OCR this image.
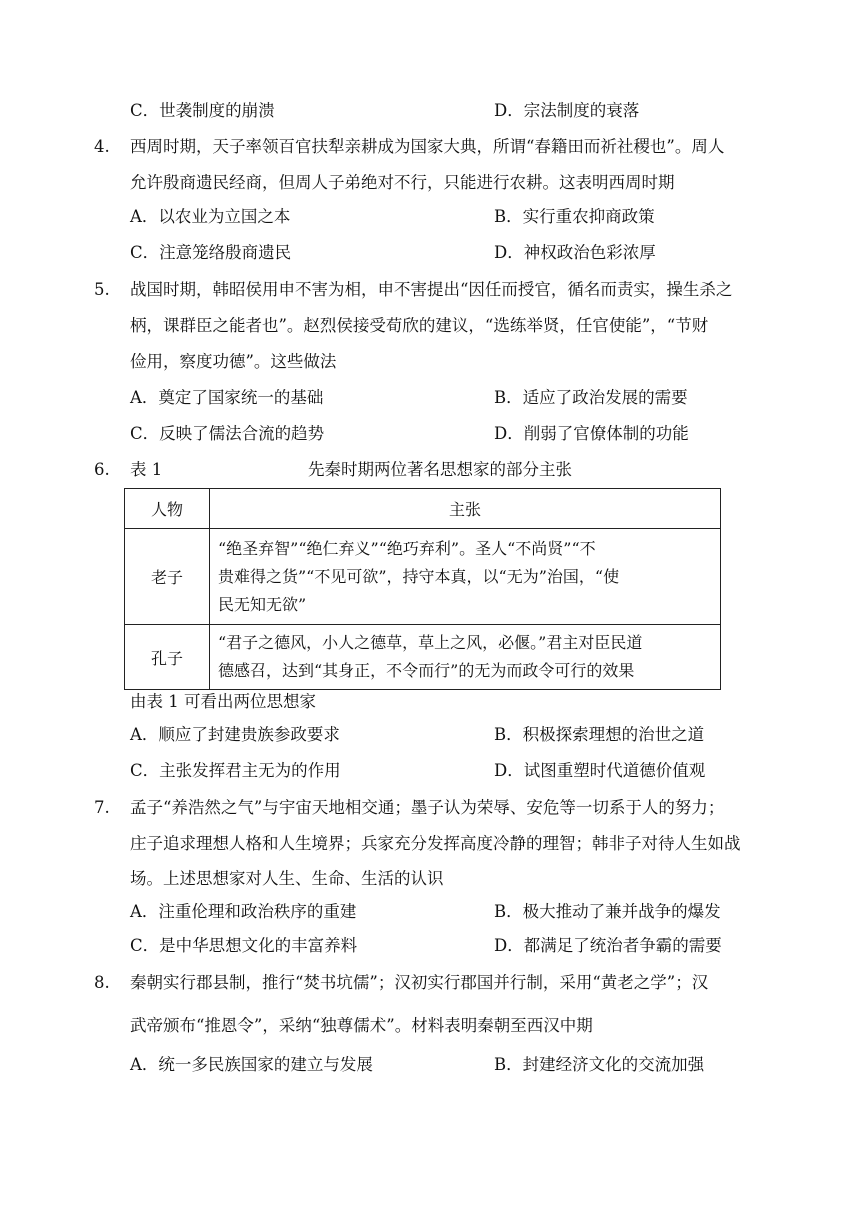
C．世袭制度的崩溃	D．宗法制度的衰落
4. 西周时期，天子率领百官扶犁亲耕成为国家大典，所谓“春籍田而祈社稷也”。周人
允许殷商遗民经商，但周人子弟绝对不行，只能进行农耕。这表明西周时期
A．以农业为立国之本	B．实行重农抑商政策
C．注意笼络殷商遗民	D．神权政治色彩浓厚
5. 战国时期，韩昭侯用申不害为相，申不害提出“因任而授官，循名而责实，操生杀之
柄，课群臣之能者也”。赵烈侯接受荀欣的建议，“选练举贤，任官使能”，“节财
俭用，察度功德”。这些做法
A．奠定了国家统一的基础	B．适应了政治发展的需要
C．反映了儒法合流的趋势	D．削弱了官僚体制的功能
6. 表 1	先秦时期两位著名思想家的部分主张
人物	主张
老子	“绝圣弃智”“绝仁弃义”“绝巧弃利”。圣人“不尚贤”“不
贵难得之货”“不见可欲”，持守本真，以“无为”治国，“使
民无知无欲”

孔子	“君子之德风，小人之德草，草上之风，必偃。”君主对臣民道
德感召，达到“其身正，不令而行”的无为而政令可行的效果
由表 1 可看出两位思想家
A．顺应了封建贵族参政要求	B．积极探索理想的治世之道
C．主张发挥君主无为的作用	D．试图重塑时代道德价值观
7. 孟子“养浩然之气”与宇宙天地相交通；墨子认为荣辱、安危等一切系于人的努力；
庄子追求理想人格和人生境界；兵家充分发挥高度冷静的理智；韩非子对待人生如战
场。上述思想家对人生、生命、生活的认识
A．注重伦理和政治秩序的重建	B．极大推动了兼并战争的爆发
C．是中华思想文化的丰富养料	D．都满足了统治者争霸的需要
8. 秦朝实行郡县制，推行“焚书坑儒”；汉初实行郡国并行制，采用“黄老之学”；汉
武帝颁布“推恩令”，采纳“独尊儒术”。材料表明秦朝至西汉中期
A．统一多民族国家的建立与发展	B．封建经济文化的交流加强
